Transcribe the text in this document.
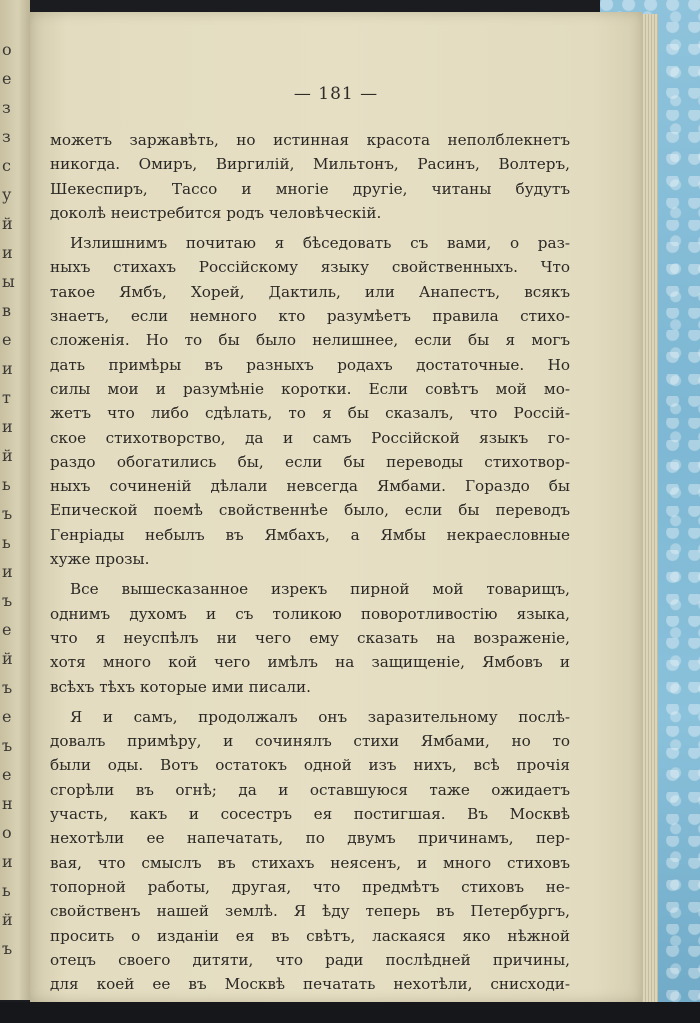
о
е
з
з
с
у
й
и
ы
в
е
и
т
и
й
ь
ъ
ь
и
ъ
е
й
ъ
е
ъ
е
н
о
и
ь
й
ъ
— 181 —
можетъ заржавѣть, но истинная красота неполблекнетъ
никогда. Омиръ, Виргилiй, Мильтонъ, Расинъ, Волтеръ,
Шекеспиръ, Тассо и многiе другiе, читаны будутъ
доколѣ неистребится родъ человѣческiй.
Излишнимъ почитаю я бѣседовать съ вами, о раз-
ныхъ стихахъ Россiйскому языку свойственныхъ. Что
такое Ямбъ, Хорей, Дактиль, или Анапестъ, всякъ
знаетъ, если немного кто разумѣетъ правила стихо-
сложенiя. Но то бы было нелишнее, если бы я могъ
дать примѣры въ разныхъ родахъ достаточные. Но
силы мои и разумѣнiе коротки. Если совѣтъ мой мо-
жетъ что либо сдѣлать, то я бы сказалъ, что Россiй-
ское стихотворство, да и самъ Россiйской языкъ го-
раздо обогатились бы, если бы переводы стихотвор-
ныхъ сочиненiй дѣлали невсегда Ямбами. Гораздо бы
Епической поемѣ свойственнѣе было, если бы переводъ
Генрiады небылъ въ Ямбахъ, а Ямбы некраесловные
хуже прозы.
Все вышесказанное изрекъ пирной мой товарищъ,
однимъ духомъ и съ толикою поворотливостiю языка,
что я неуспѣлъ ни чего ему сказать на возраженiе,
хотя много кой чего имѣлъ на защищенiе, Ямбовъ и
всѣхъ тѣхъ которые ими писали.
Я и самъ, продолжалъ онъ заразительному послѣ-
довалъ примѣру, и сочинялъ стихи Ямбами, но то
были оды. Вотъ остатокъ одной изъ нихъ, всѣ прочiя
сгорѣли въ огнѣ; да и оставшуюся таже ожидаетъ
участь, какъ и сосестръ ея постигшая. Въ Москвѣ
нехотѣли ее напечатать, по двумъ причинамъ, пер-
вая, что смыслъ въ стихахъ неясенъ, и много стиховъ
топорной работы, другая, что предмѣтъ стиховъ не-
свойственъ нашей землѣ. Я ѣду теперь въ Петербургъ,
просить о изданiи ея въ свѣтъ, ласкаяся яко нѣжной
отецъ своего дитяти, что ради послѣдней причины,
для коей ее въ Москвѣ печатать нехотѣли, снисходи-
